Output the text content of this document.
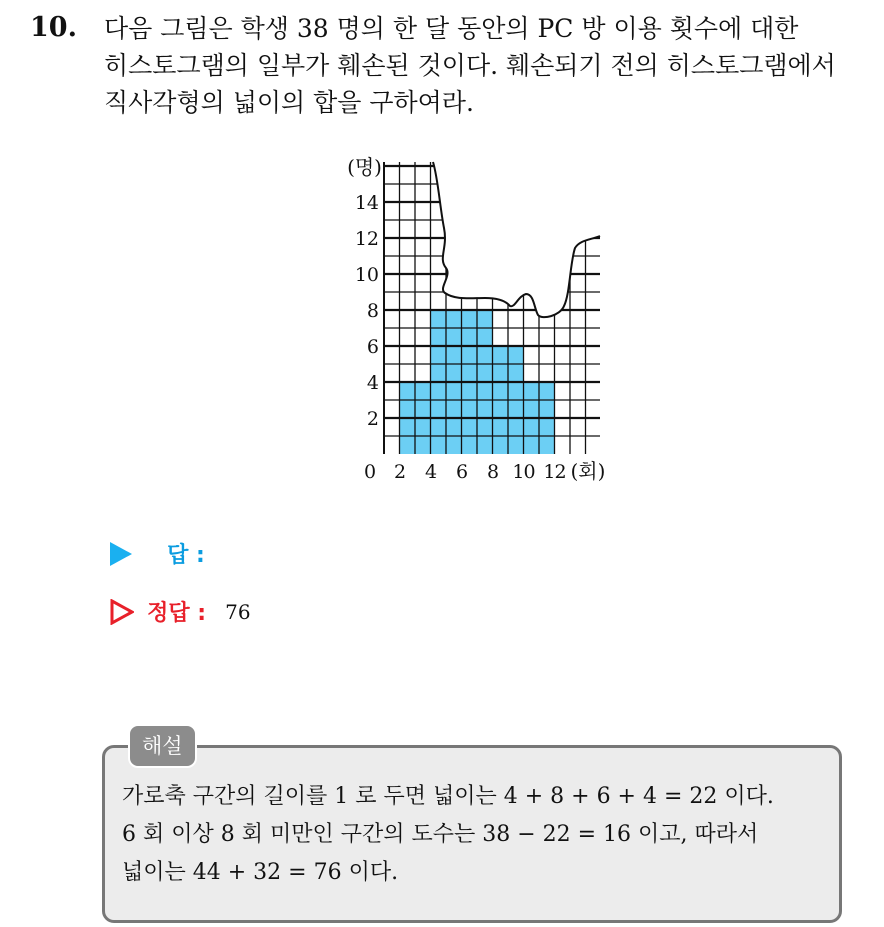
10. 다음 그림은 학생 38 명의 한 달 동안의 PC 방 이용 횟수에 대한
히스토그램의 일부가 훼손된 것이다. 훼손되기 전의 히스토그램에서
직사각형의 넓이의 합을 구하여라.
2
4
6
8
10
12
14
(명)
0 2 4 6 8 10 12 (회)
답 :
정답 : 76
해설
가로축 구간의 길이를 1 로 두면 넓이는 4 + 8 + 6 + 4 = 22 이다.
6 회 이상 8 회 미만인 구간의 도수는 38 − 22 = 16 이고, 따라서
넓이는 44 + 32 = 76 이다.
